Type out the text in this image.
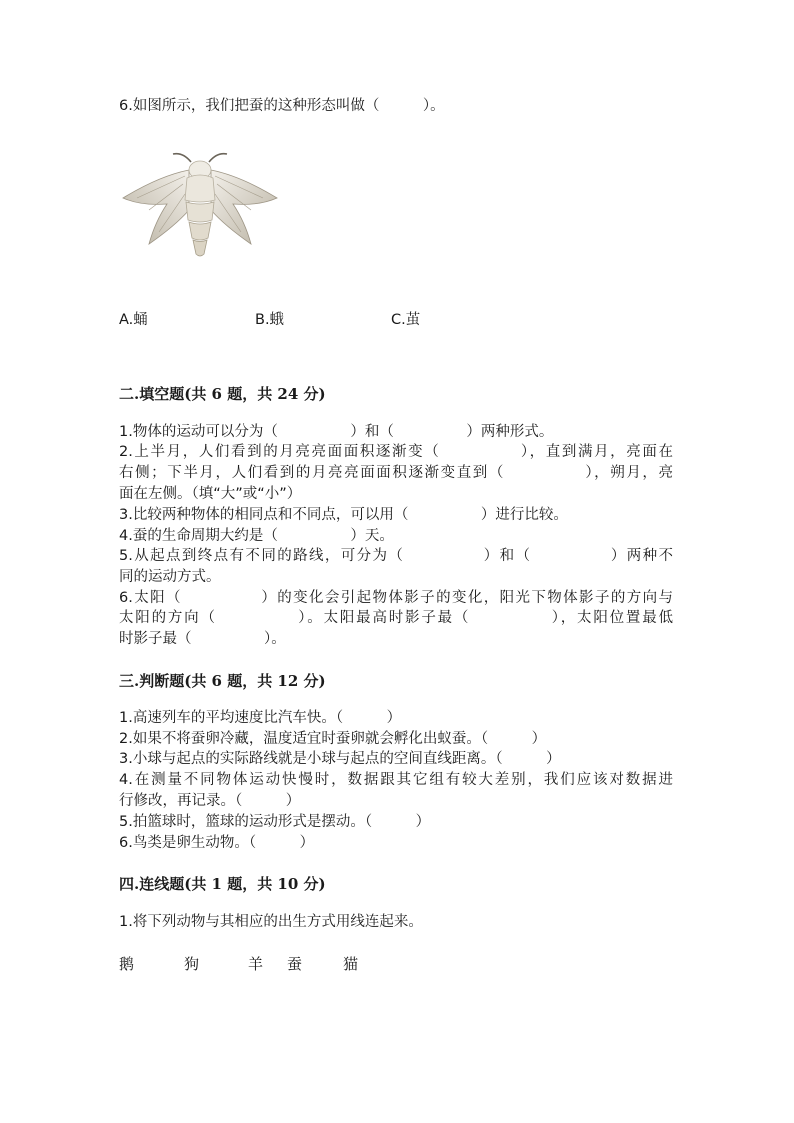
6.如图所示，我们把蚕的这种形态叫做（　　　）。
A.蛹	B.蛾	C.茧
二.填空题(共 6 题，共 24 分)
1.物体的运动可以分为（　　　　　）和（　　　　　）两种形式。
2.上半月，人们看到的月亮亮面面积逐渐变（　　　　　），直到满月，亮面在
右侧；下半月，人们看到的月亮亮面面积逐渐变直到（　　　　　），朔月，亮
面在左侧。（填“大”或“小”）
3.比较两种物体的相同点和不同点，可以用（　　　　　）进行比较。
4.蚕的生命周期大约是（　　　　　）天。
5.从起点到终点有不同的路线，可分为（　　　　　）和（　　　　　）两种不
同的运动方式。
6.太阳（　　　　　）的变化会引起物体影子的变化，阳光下物体影子的方向与
太阳的方向（　　　　　）。太阳最高时影子最（　　　　　），太阳位置最低
时影子最（　　　　　）。
三.判断题(共 6 题，共 12 分)
1.高速列车的平均速度比汽车快。（　　　）
2.如果不将蚕卵冷藏，温度适宜时蚕卵就会孵化出蚁蚕。（　　　）
3.小球与起点的实际路线就是小球与起点的空间直线距离。（　　　）
4.在测量不同物体运动快慢时，数据跟其它组有较大差别，我们应该对数据进
行修改，再记录。（　　　）
5.拍篮球时，篮球的运动形式是摆动。（　　　）
6.鸟类是卵生动物。（　　　）
四.连线题(共 1 题，共 10 分)
1.将下列动物与其相应的出生方式用线连起来。
鹅	狗	羊 蚕	猫
